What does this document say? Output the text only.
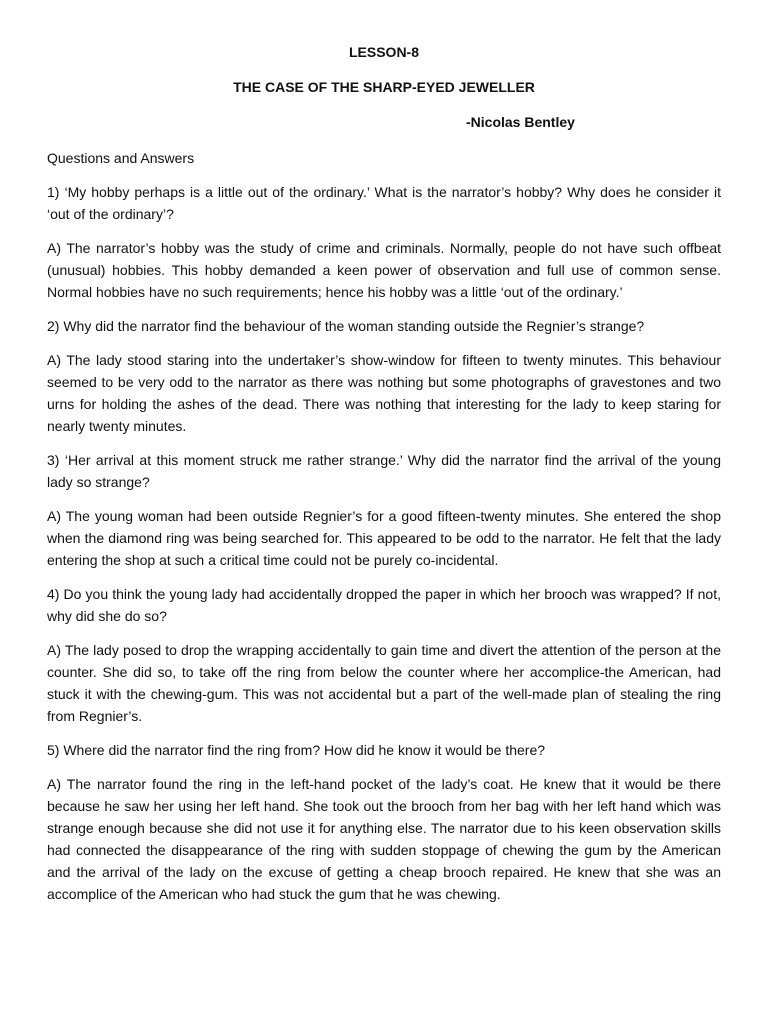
LESSON-8
THE CASE OF THE SHARP-EYED JEWELLER
-Nicolas Bentley

Questions and Answers

1) ‘My hobby perhaps is a little out of the ordinary.’ What is the narrator’s hobby? Why does he consider it ‘out of the ordinary’?

A) The narrator’s hobby was the study of crime and criminals. Normally, people do not have such offbeat (unusual) hobbies. This hobby demanded a keen power of observation and full use of common sense. Normal hobbies have no such requirements; hence his hobby was a little ‘out of the ordinary.’

2) Why did the narrator find the behaviour of the woman standing outside the Regnier’s strange?

A) The lady stood staring into the undertaker’s show-window for fifteen to twenty minutes. This behaviour seemed to be very odd to the narrator as there was nothing but some photographs of gravestones and two urns for holding the ashes of the dead. There was nothing that interesting for the lady to keep staring for nearly twenty minutes.

3) ‘Her arrival at this moment struck me rather strange.’ Why did the narrator find the arrival of the young lady so strange?

A) The young woman had been outside Regnier’s for a good fifteen-twenty minutes. She entered the shop when the diamond ring was being searched for. This appeared to be odd to the narrator. He felt that the lady entering the shop at such a critical time could not be purely co-incidental.

4) Do you think the young lady had accidentally dropped the paper in which her brooch was wrapped? If not, why did she do so?

A) The lady posed to drop the wrapping accidentally to gain time and divert the attention of the person at the counter. She did so, to take off the ring from below the counter where her accomplice-the American, had stuck it with the chewing-gum. This was not accidental but a part of the well-made plan of stealing the ring from Regnier’s.

5) Where did the narrator find the ring from? How did he know it would be there?

A) The narrator found the ring in the left-hand pocket of the lady’s coat. He knew that it would be there because he saw her using her left hand. She took out the brooch from her bag with her left hand which was strange enough because she did not use it for anything else. The narrator due to his keen observation skills had connected the disappearance of the ring with sudden stoppage of chewing the gum by the American and the arrival of the lady on the excuse of getting a cheap brooch repaired. He knew that she was an accomplice of the American who had stuck the gum that he was chewing.
